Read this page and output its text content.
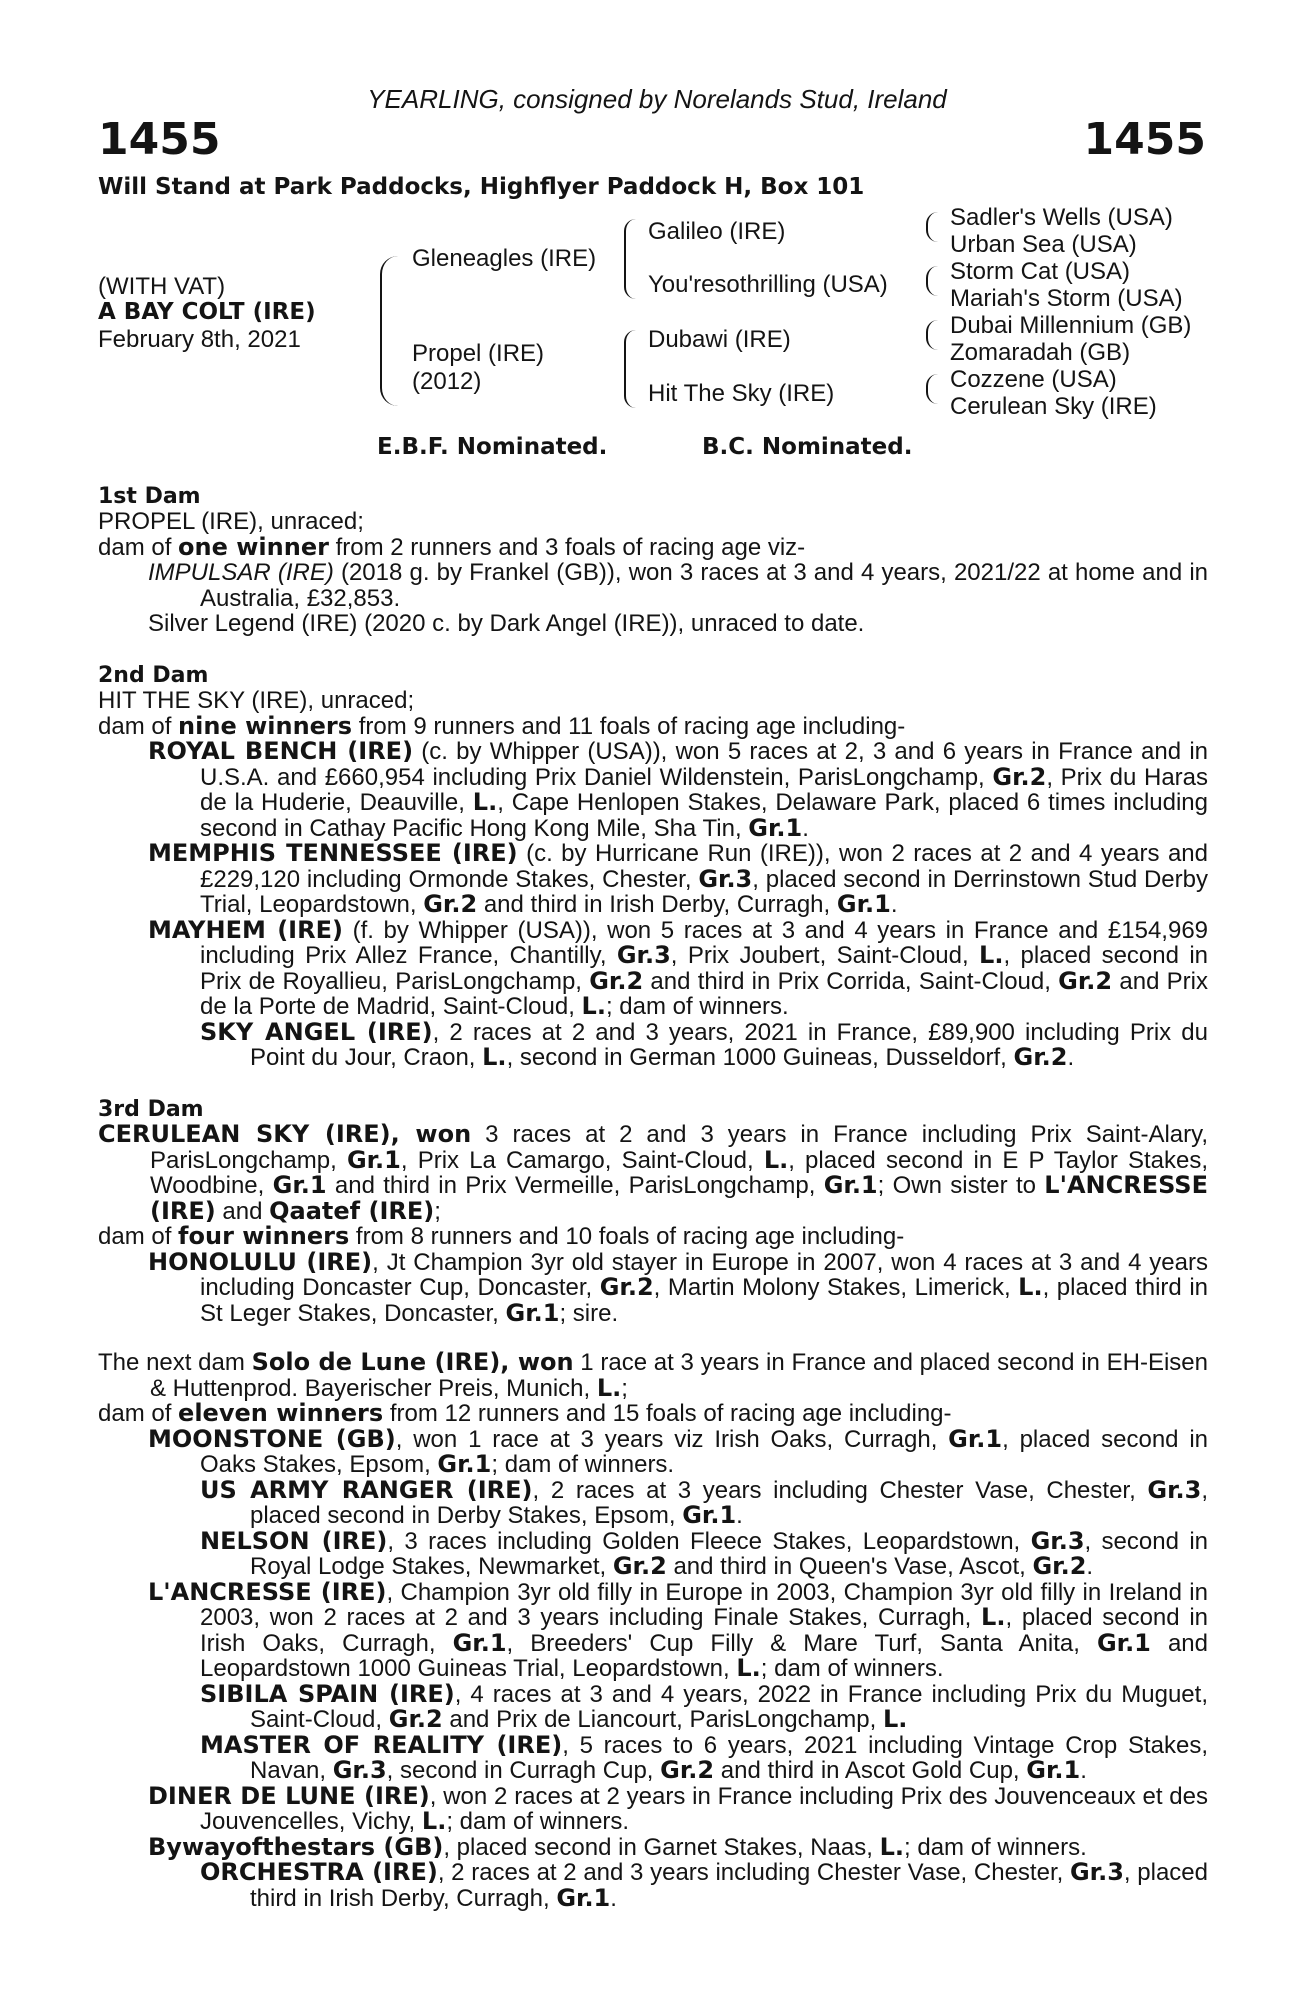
YEARLING, consigned by Norelands Stud, Ireland
1455	1455
Will Stand at Park Paddocks, Highflyer Paddock H, Box 101
(WITH VAT)
A BAY COLT (IRE)
February 8th, 2021
Gleneagles (IRE)
Propel (IRE)
(2012)
Galileo (IRE)
You'resothrilling (USA)
Dubawi (IRE)
Hit The Sky (IRE)
Sadler's Wells (USA)
Urban Sea (USA)
Storm Cat (USA)
Mariah's Storm (USA)
Dubai Millennium (GB)
Zomaradah (GB)
Cozzene (USA)
Cerulean Sky (IRE)
E.B.F. Nominated.	B.C. Nominated.
1st Dam
PROPEL (IRE), unraced;
dam of one winner from 2 runners and 3 foals of racing age viz-
IMPULSAR (IRE) (2018 g. by Frankel (GB)), won 3 races at 3 and 4 years, 2021/22 at home and in Australia, £32,853.
Silver Legend (IRE) (2020 c. by Dark Angel (IRE)), unraced to date.
2nd Dam
HIT THE SKY (IRE), unraced;
dam of nine winners from 9 runners and 11 foals of racing age including-
ROYAL BENCH (IRE) (c. by Whipper (USA)), won 5 races at 2, 3 and 6 years in France and in U.S.A. and £660,954 including Prix Daniel Wildenstein, ParisLongchamp, Gr.2, Prix du Haras de la Huderie, Deauville, L., Cape Henlopen Stakes, Delaware Park, placed 6 times including second in Cathay Pacific Hong Kong Mile, Sha Tin, Gr.1.
MEMPHIS TENNESSEE (IRE) (c. by Hurricane Run (IRE)), won 2 races at 2 and 4 years and £229,120 including Ormonde Stakes, Chester, Gr.3, placed second in Derrinstown Stud Derby Trial, Leopardstown, Gr.2 and third in Irish Derby, Curragh, Gr.1.
MAYHEM (IRE) (f. by Whipper (USA)), won 5 races at 3 and 4 years in France and £154,969 including Prix Allez France, Chantilly, Gr.3, Prix Joubert, Saint-Cloud, L., placed second in Prix de Royallieu, ParisLongchamp, Gr.2 and third in Prix Corrida, Saint-Cloud, Gr.2 and Prix de la Porte de Madrid, Saint-Cloud, L.; dam of winners.
SKY ANGEL (IRE), 2 races at 2 and 3 years, 2021 in France, £89,900 including Prix du Point du Jour, Craon, L., second in German 1000 Guineas, Dusseldorf, Gr.2.
3rd Dam
CERULEAN SKY (IRE), won 3 races at 2 and 3 years in France including Prix Saint-Alary, ParisLongchamp, Gr.1, Prix La Camargo, Saint-Cloud, L., placed second in E P Taylor Stakes, Woodbine, Gr.1 and third in Prix Vermeille, ParisLongchamp, Gr.1; Own sister to L'ANCRESSE (IRE) and Qaatef (IRE);
dam of four winners from 8 runners and 10 foals of racing age including-
HONOLULU (IRE), Jt Champion 3yr old stayer in Europe in 2007, won 4 races at 3 and 4 years including Doncaster Cup, Doncaster, Gr.2, Martin Molony Stakes, Limerick, L., placed third in St Leger Stakes, Doncaster, Gr.1; sire.
The next dam Solo de Lune (IRE), won 1 race at 3 years in France and placed second in EH-Eisen & Huttenprod. Bayerischer Preis, Munich, L.;
dam of eleven winners from 12 runners and 15 foals of racing age including-
MOONSTONE (GB), won 1 race at 3 years viz Irish Oaks, Curragh, Gr.1, placed second in Oaks Stakes, Epsom, Gr.1; dam of winners.
US ARMY RANGER (IRE), 2 races at 3 years including Chester Vase, Chester, Gr.3, placed second in Derby Stakes, Epsom, Gr.1.
NELSON (IRE), 3 races including Golden Fleece Stakes, Leopardstown, Gr.3, second in Royal Lodge Stakes, Newmarket, Gr.2 and third in Queen's Vase, Ascot, Gr.2.
L'ANCRESSE (IRE), Champion 3yr old filly in Europe in 2003, Champion 3yr old filly in Ireland in 2003, won 2 races at 2 and 3 years including Finale Stakes, Curragh, L., placed second in Irish Oaks, Curragh, Gr.1, Breeders' Cup Filly & Mare Turf, Santa Anita, Gr.1 and Leopardstown 1000 Guineas Trial, Leopardstown, L.; dam of winners.
SIBILA SPAIN (IRE), 4 races at 3 and 4 years, 2022 in France including Prix du Muguet, Saint-Cloud, Gr.2 and Prix de Liancourt, ParisLongchamp, L.
MASTER OF REALITY (IRE), 5 races to 6 years, 2021 including Vintage Crop Stakes, Navan, Gr.3, second in Curragh Cup, Gr.2 and third in Ascot Gold Cup, Gr.1.
DINER DE LUNE (IRE), won 2 races at 2 years in France including Prix des Jouvenceaux et des Jouvencelles, Vichy, L.; dam of winners.
Bywayofthestars (GB), placed second in Garnet Stakes, Naas, L.; dam of winners.
ORCHESTRA (IRE), 2 races at 2 and 3 years including Chester Vase, Chester, Gr.3, placed third in Irish Derby, Curragh, Gr.1.
